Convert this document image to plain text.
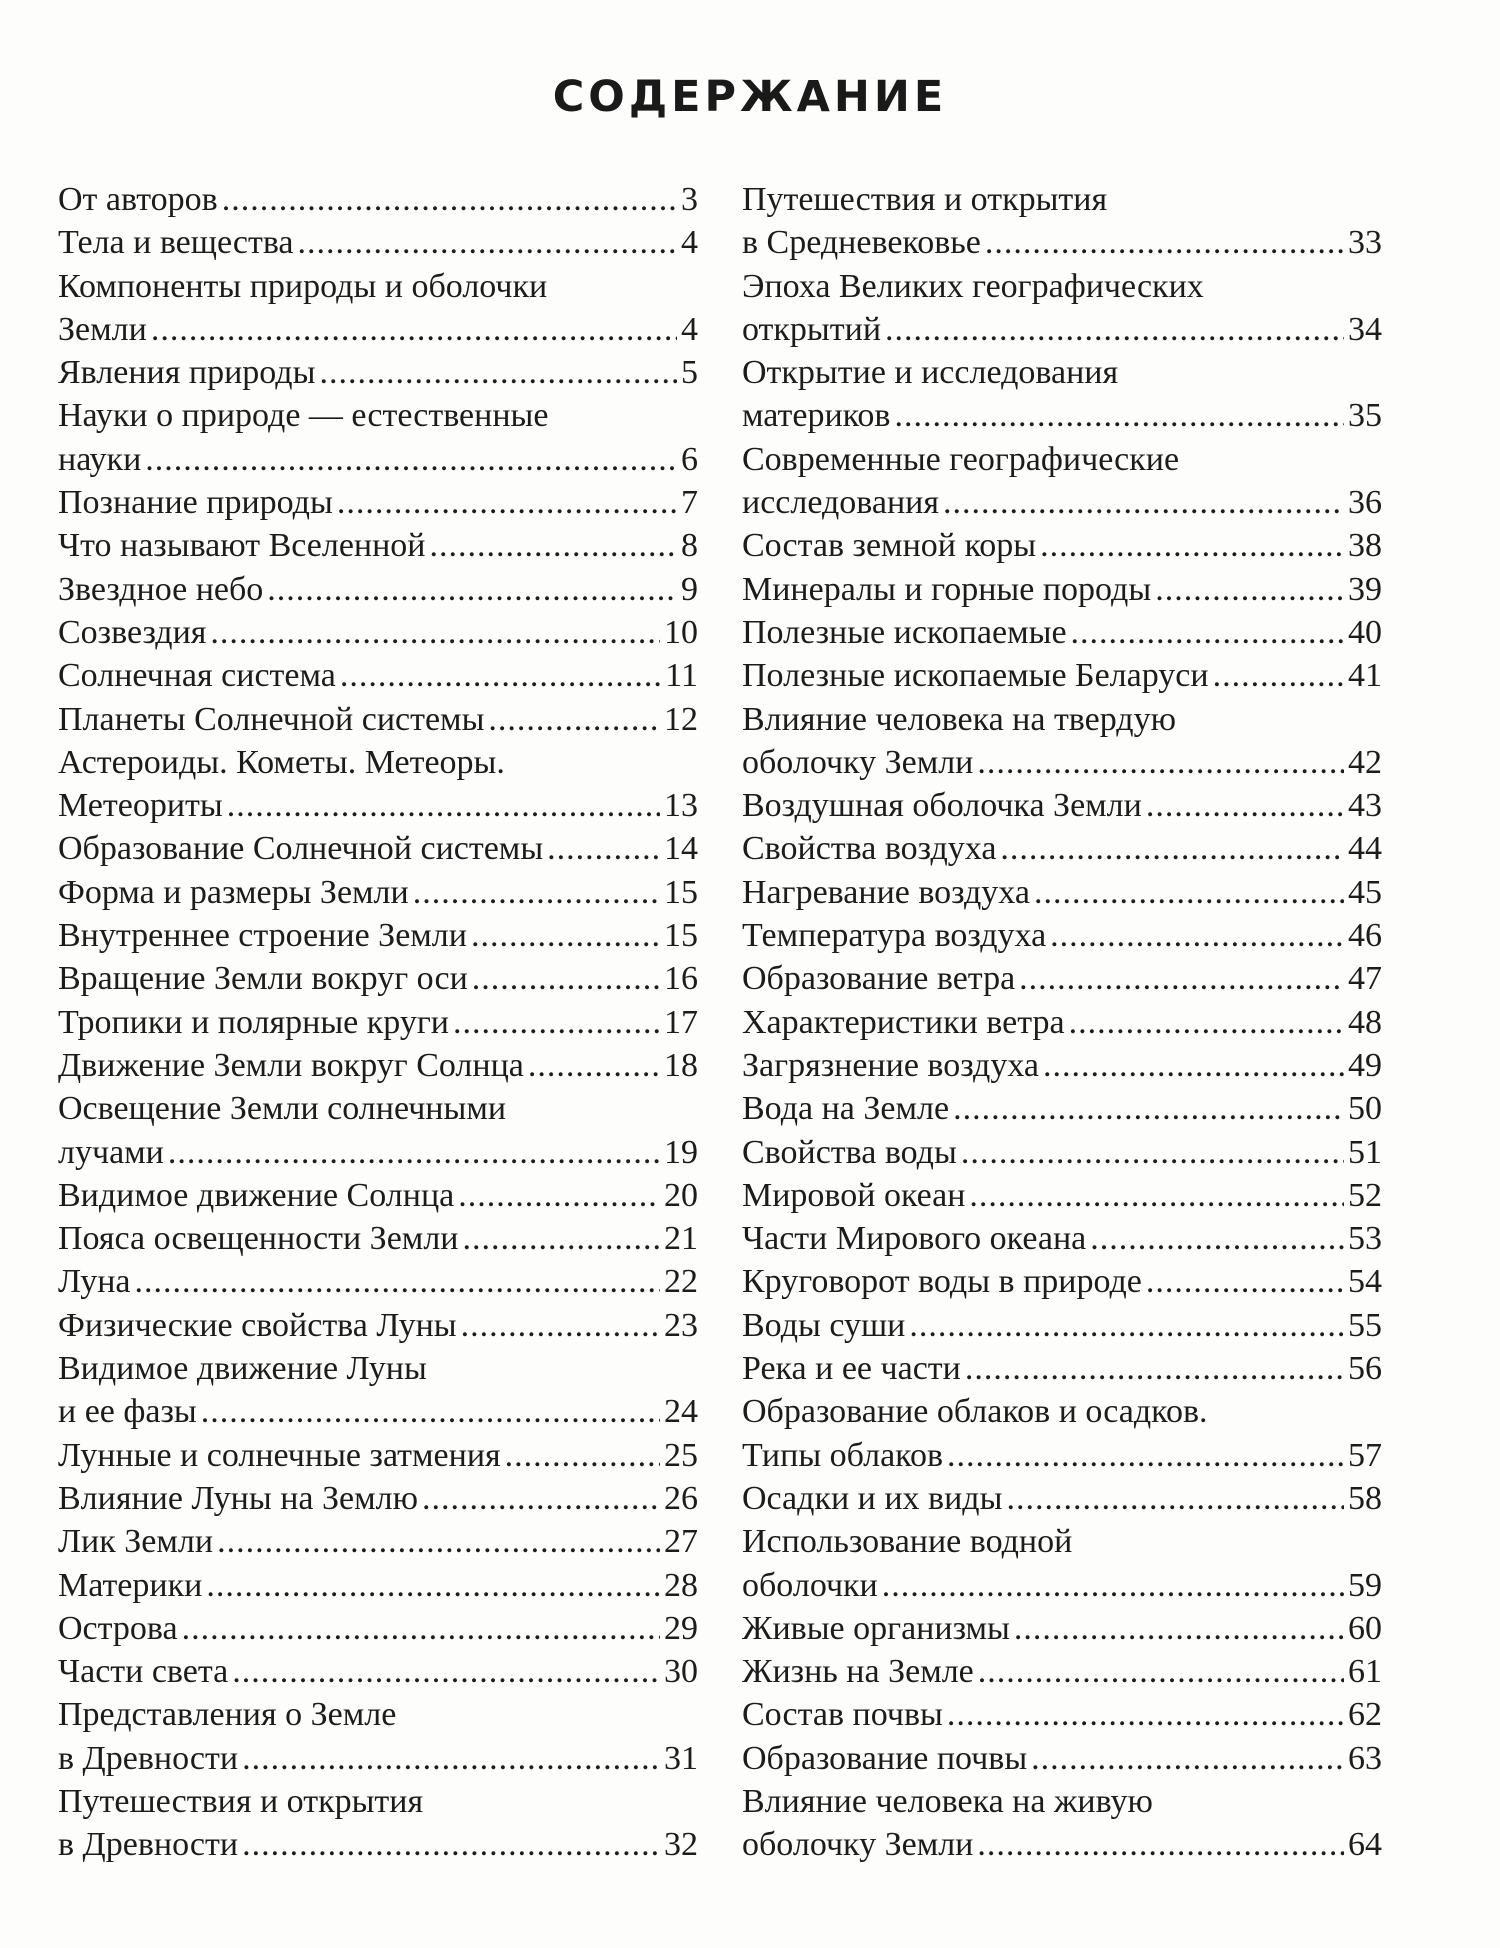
СОДЕРЖАНИЕ
От авторов .....	3
Тела и вещества .....	4
Компоненты природы и оболочки
Земли .....	4
Явления природы .....	5
Науки о природе — естественные
науки .....	6
Познание природы .....	7
Что называют Вселенной .....	8
Звездное небо .....	9
Созвездия .....	10
Солнечная система .....	11
Планеты Солнечной системы .....	12
Астероиды. Кометы. Метеоры.
Метеориты .....	13
Образование Солнечной системы .....	14
Форма и размеры Земли .....	15
Внутреннее строение Земли .....	15
Вращение Земли вокруг оси .....	16
Тропики и полярные круги .....	17
Движение Земли вокруг Солнца .....	18
Освещение Земли солнечными
лучами .....	19
Видимое движение Солнца .....	20
Пояса освещенности Земли .....	21
Луна .....	22
Физические свойства Луны .....	23
Видимое движение Луны
и ее фазы .....	24
Лунные и солнечные затмения .....	25
Влияние Луны на Землю .....	26
Лик Земли .....	27
Материки .....	28
Острова .....	29
Части света .....	30
Представления о Земле
в Древности .....	31
Путешествия и открытия
в Древности .....	32
Путешествия и открытия
в Средневековье .....	33
Эпоха Великих географических
открытий .....	34
Открытие и исследования
материков .....	35
Современные географические
исследования .....	36
Состав земной коры .....	38
Минералы и горные породы .....	39
Полезные ископаемые .....	40
Полезные ископаемые Беларуси .....	41
Влияние человека на твердую
оболочку Земли .....	42
Воздушная оболочка Земли .....	43
Свойства воздуха .....	44
Нагревание воздуха .....	45
Температура воздуха .....	46
Образование ветра .....	47
Характеристики ветра .....	48
Загрязнение воздуха .....	49
Вода на Земле .....	50
Свойства воды .....	51
Мировой океан .....	52
Части Мирового океана .....	53
Круговорот воды в природе .....	54
Воды суши .....	55
Река и ее части .....	56
Образование облаков и осадков.
Типы облаков .....	57
Осадки и их виды .....	58
Использование водной
оболочки .....	59
Живые организмы .....	60
Жизнь на Земле .....	61
Состав почвы .....	62
Образование почвы .....	63
Влияние человека на живую
оболочку Земли .....	64
